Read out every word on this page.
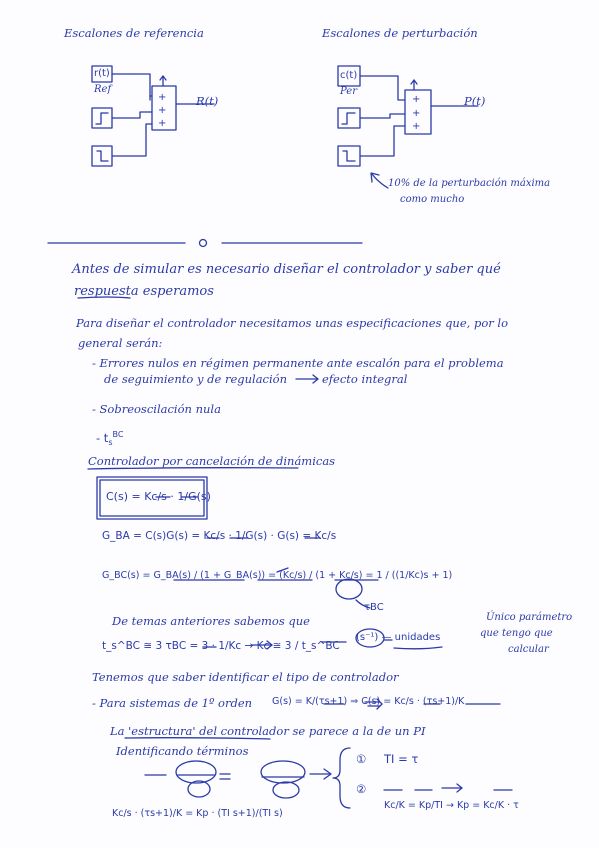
Escalones de referencia
r(t)
Ref
+
+
+
R(t)
Escalones de perturbación
c(t)
Per
+
+
+
P(t)
10% de la perturbación máxima
como mucho
Antes de simular es necesario diseñar el controlador y saber qué
respuesta esperamos
Para diseñar el controlador necesitamos unas especificaciones que, por lo
general serán:
- Errores nulos en régimen permanente ante escalón para el problema
de seguimiento y de regulación	efecto integral
- Sobreoscilación nula
- $t_s^{BC}$
Controlador por cancelación de dinámicas
C(s) = Kc/s · 1/G(s)
G_BA = C(s)G(s) = Kc/s · 1/G(s) · G(s) = Kc/s
G_BC(s) = G_BA(s) / (1 + G_BA(s)) = (Kc/s) / (1 + Kc/s) = 1 / ((1/Kc)s + 1)
τBC
De temas anteriores sabemos que
t_s^BC ≅ 3 τBC = 3 · 1/Kc → Kc ≅ 3 / t_s^BC
(s⁻¹) — unidades
Único parámetro
que tengo que
calcular
Tenemos que saber identificar el tipo de controlador
- Para sistemas de 1º orden G(s) = K/(τs+1) ⇒ C(s) = Kc/s · (τs+1)/K
La 'estructura' del controlador se parece a la de un PI
Identificando términos
Kc/s · (τs+1)/K = Kp · (TI s+1)/(TI s)
① TI = τ
②
Kc/K = Kp/TI → Kp = Kc/K · τ
